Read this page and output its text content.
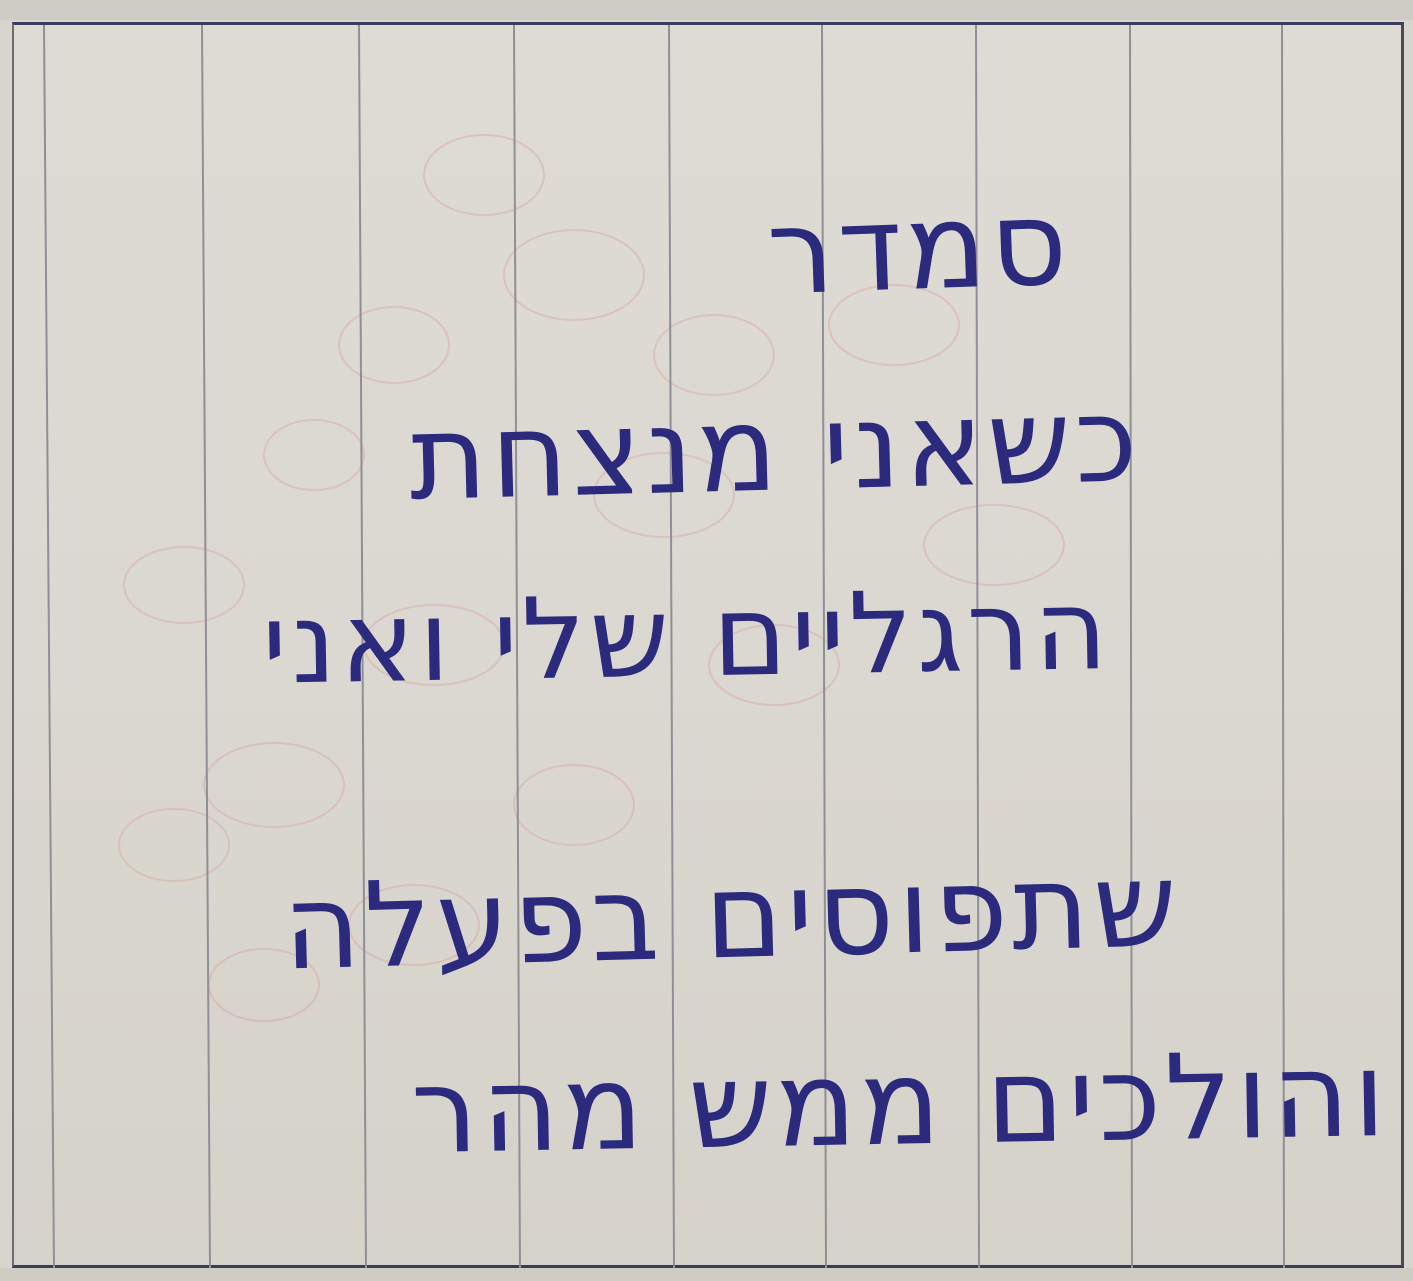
סמדר
כשאני מנצחת
הרגליים שלי ואני
שתפוסים בפעלה
והולכים ממש מהר
